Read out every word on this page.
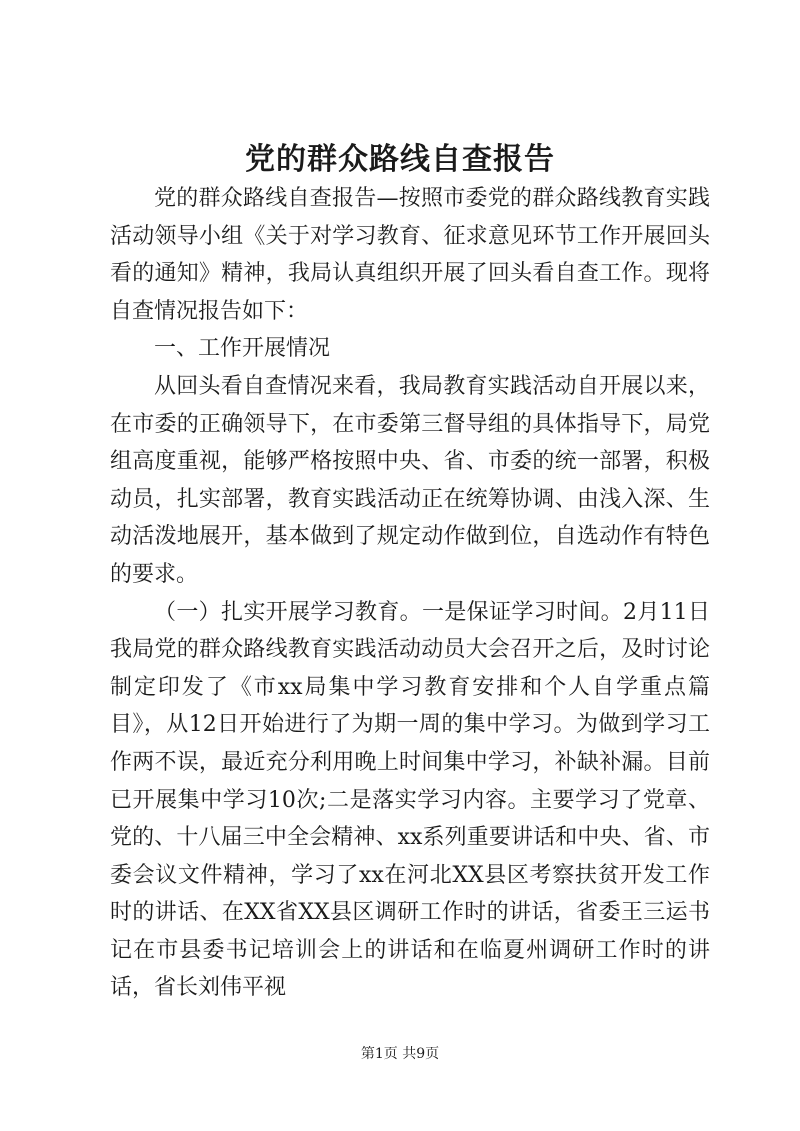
党的群众路线自查报告

党的群众路线自查报告—按照市委党的群众路线教育实践活动领导小组《关于对学习教育、征求意见环节工作开展回头看的通知》精神，我局认真组织开展了回头看自查工作。现将自查情况报告如下：

一、工作开展情况

从回头看自查情况来看，我局教育实践活动自开展以来，在市委的正确领导下，在市委第三督导组的具体指导下，局党组高度重视，能够严格按照中央、省、市委的统一部署，积极动员，扎实部署，教育实践活动正在统筹协调、由浅入深、生动活泼地展开，基本做到了规定动作做到位，自选动作有特色的要求。

（一）扎实开展学习教育。一是保证学习时间。2月11日我局党的群众路线教育实践活动动员大会召开之后，及时讨论制定印发了《市xx局集中学习教育安排和个人自学重点篇目》，从12日开始进行了为期一周的集中学习。为做到学习工作两不误，最近充分利用晚上时间集中学习，补缺补漏。目前已开展集中学习10次;二是落实学习内容。主要学习了党章、党的、十八届三中全会精神、xx系列重要讲话和中央、省、市委会议文件精神，学习了xx在河北XX县区考察扶贫开发工作时的讲话、在XX省XX县区调研工作时的讲话，省委王三运书记在市县委书记培训会上的讲话和在临夏州调研工作时的讲话，省长刘伟平视

第1页 共9页
